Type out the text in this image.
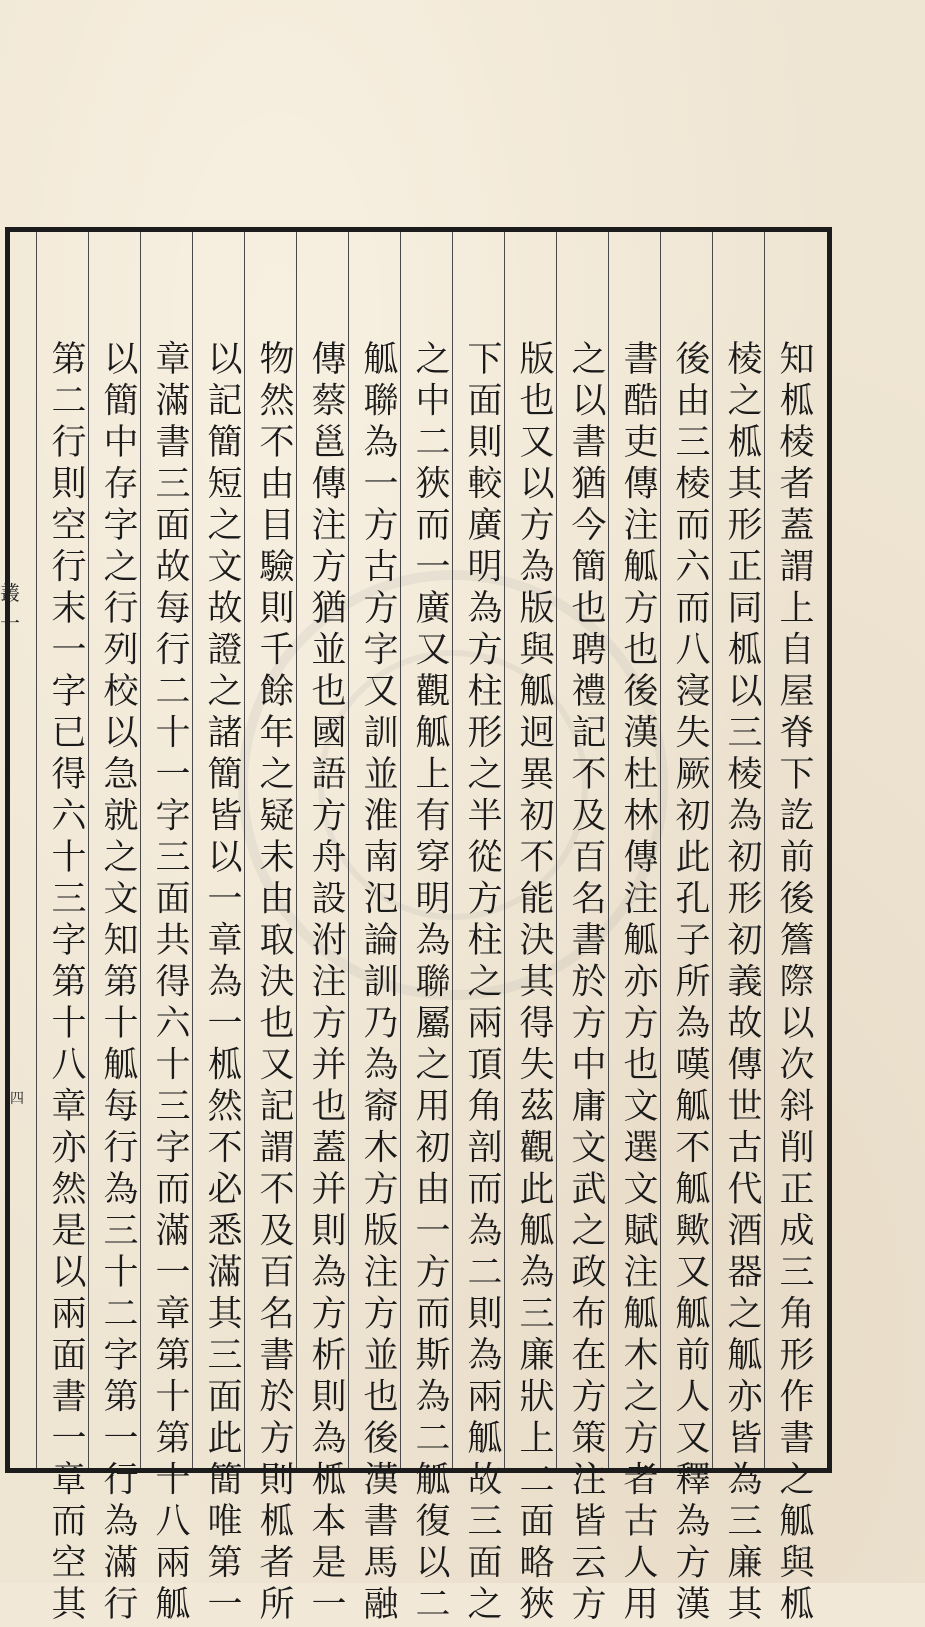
知柧棱者蓋謂上自屋脊下訖前後簷際以次斜削正成三角形作書之觚與柧
棱之柧其形正同柧以三棱為初形初義故傳世古代酒器之觚亦皆為三廉其
後由三棱而六而八寖失厥初此孔子所為嘆觚不觚歟又觚前人又釋為方漢
書酷吏傳注觚方也後漢杜林傳注觚亦方也文選文賦注觚木之方者古人用
之以書猶今簡也聘禮記不及百名書於方中庸文武之政布在方策注皆云方
版也又以方為版與觚迥異初不能決其得失茲觀此觚為三廉狀上二面略狹
下面則較廣明為方柱形之半從方柱之兩頂角剖而為二則為兩觚故三面之
之中二狹而一廣又觀觚上有穿明為聯屬之用初由一方而斯為二觚復以二
觚聯為一方古方字又訓並淮南氾論訓乃為窬木方版注方並也後漢書馬融
傳蔡邕傳注方猶並也國語方舟設泭注方并也蓋并則為方析則為柧本是一
物然不由目驗則千餘年之疑未由取決也又記謂不及百名書於方則柧者所
以記簡短之文故證之諸簡皆以一章為一柧然不必悉滿其三面此簡唯第一
章滿書三面故每行二十一字三面共得六十三字而滿一章第十第十八兩觚
以簡中存字之行列校以急就之文知第十觚每行為三十二字第一行為滿行
第二行則空行末一字已得六十三字第十八章亦然是以兩面書一章而空其
叢一
四
